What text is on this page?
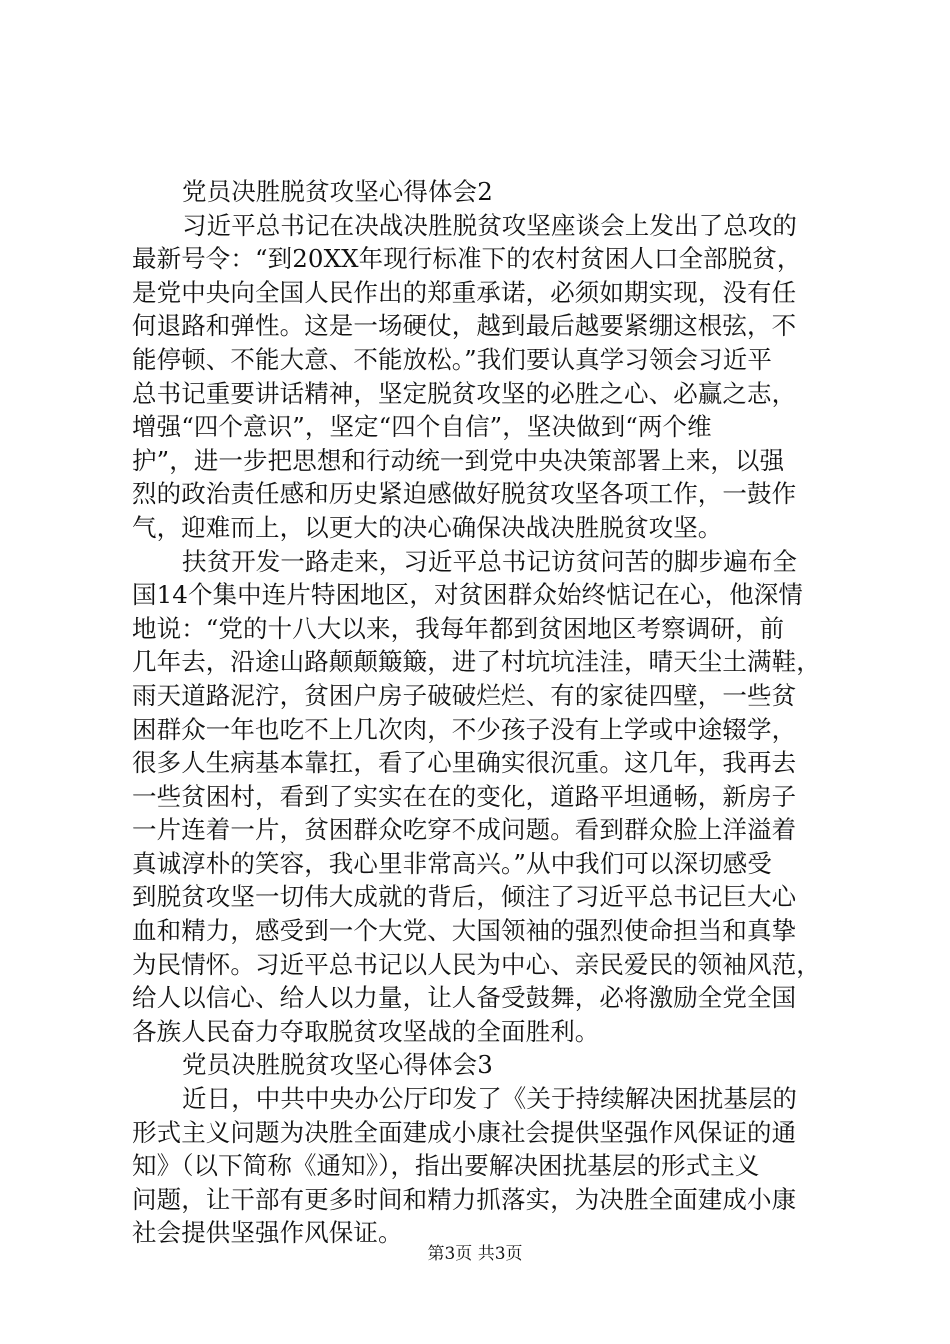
党员决胜脱贫攻坚心得体会2
习近平总书记在决战决胜脱贫攻坚座谈会上发出了总攻的
最新号令：“到20XX年现行标准下的农村贫困人口全部脱贫，
是党中央向全国人民作出的郑重承诺，必须如期实现，没有任
何退路和弹性。这是一场硬仗，越到最后越要紧绷这根弦，不
能停顿、不能大意、不能放松。”我们要认真学习领会习近平
总书记重要讲话精神，坚定脱贫攻坚的必胜之心、必赢之志，
增强“四个意识”，坚定“四个自信”，坚决做到“两个维
护”，进一步把思想和行动统一到党中央决策部署上来，以强
烈的政治责任感和历史紧迫感做好脱贫攻坚各项工作，一鼓作
气，迎难而上，以更大的决心确保决战决胜脱贫攻坚。
扶贫开发一路走来，习近平总书记访贫问苦的脚步遍布全
国14个集中连片特困地区，对贫困群众始终惦记在心，他深情
地说：“党的十八大以来，我每年都到贫困地区考察调研，前
几年去，沿途山路颠颠簸簸，进了村坑坑洼洼，晴天尘土满鞋，
雨天道路泥泞，贫困户房子破破烂烂、有的家徒四壁，一些贫
困群众一年也吃不上几次肉，不少孩子没有上学或中途辍学，
很多人生病基本靠扛，看了心里确实很沉重。这几年，我再去
一些贫困村，看到了实实在在的变化，道路平坦通畅，新房子
一片连着一片，贫困群众吃穿不成问题。看到群众脸上洋溢着
真诚淳朴的笑容，我心里非常高兴。”从中我们可以深切感受
到脱贫攻坚一切伟大成就的背后，倾注了习近平总书记巨大心
血和精力，感受到一个大党、大国领袖的强烈使命担当和真挚
为民情怀。习近平总书记以人民为中心、亲民爱民的领袖风范，
给人以信心、给人以力量，让人备受鼓舞，必将激励全党全国
各族人民奋力夺取脱贫攻坚战的全面胜利。
党员决胜脱贫攻坚心得体会3
近日，中共中央办公厅印发了《关于持续解决困扰基层的
形式主义问题为决胜全面建成小康社会提供坚强作风保证的通
知》（以下简称《通知》），指出要解决困扰基层的形式主义
问题，让干部有更多时间和精力抓落实，为决胜全面建成小康
社会提供坚强作风保证。
第3页 共3页
